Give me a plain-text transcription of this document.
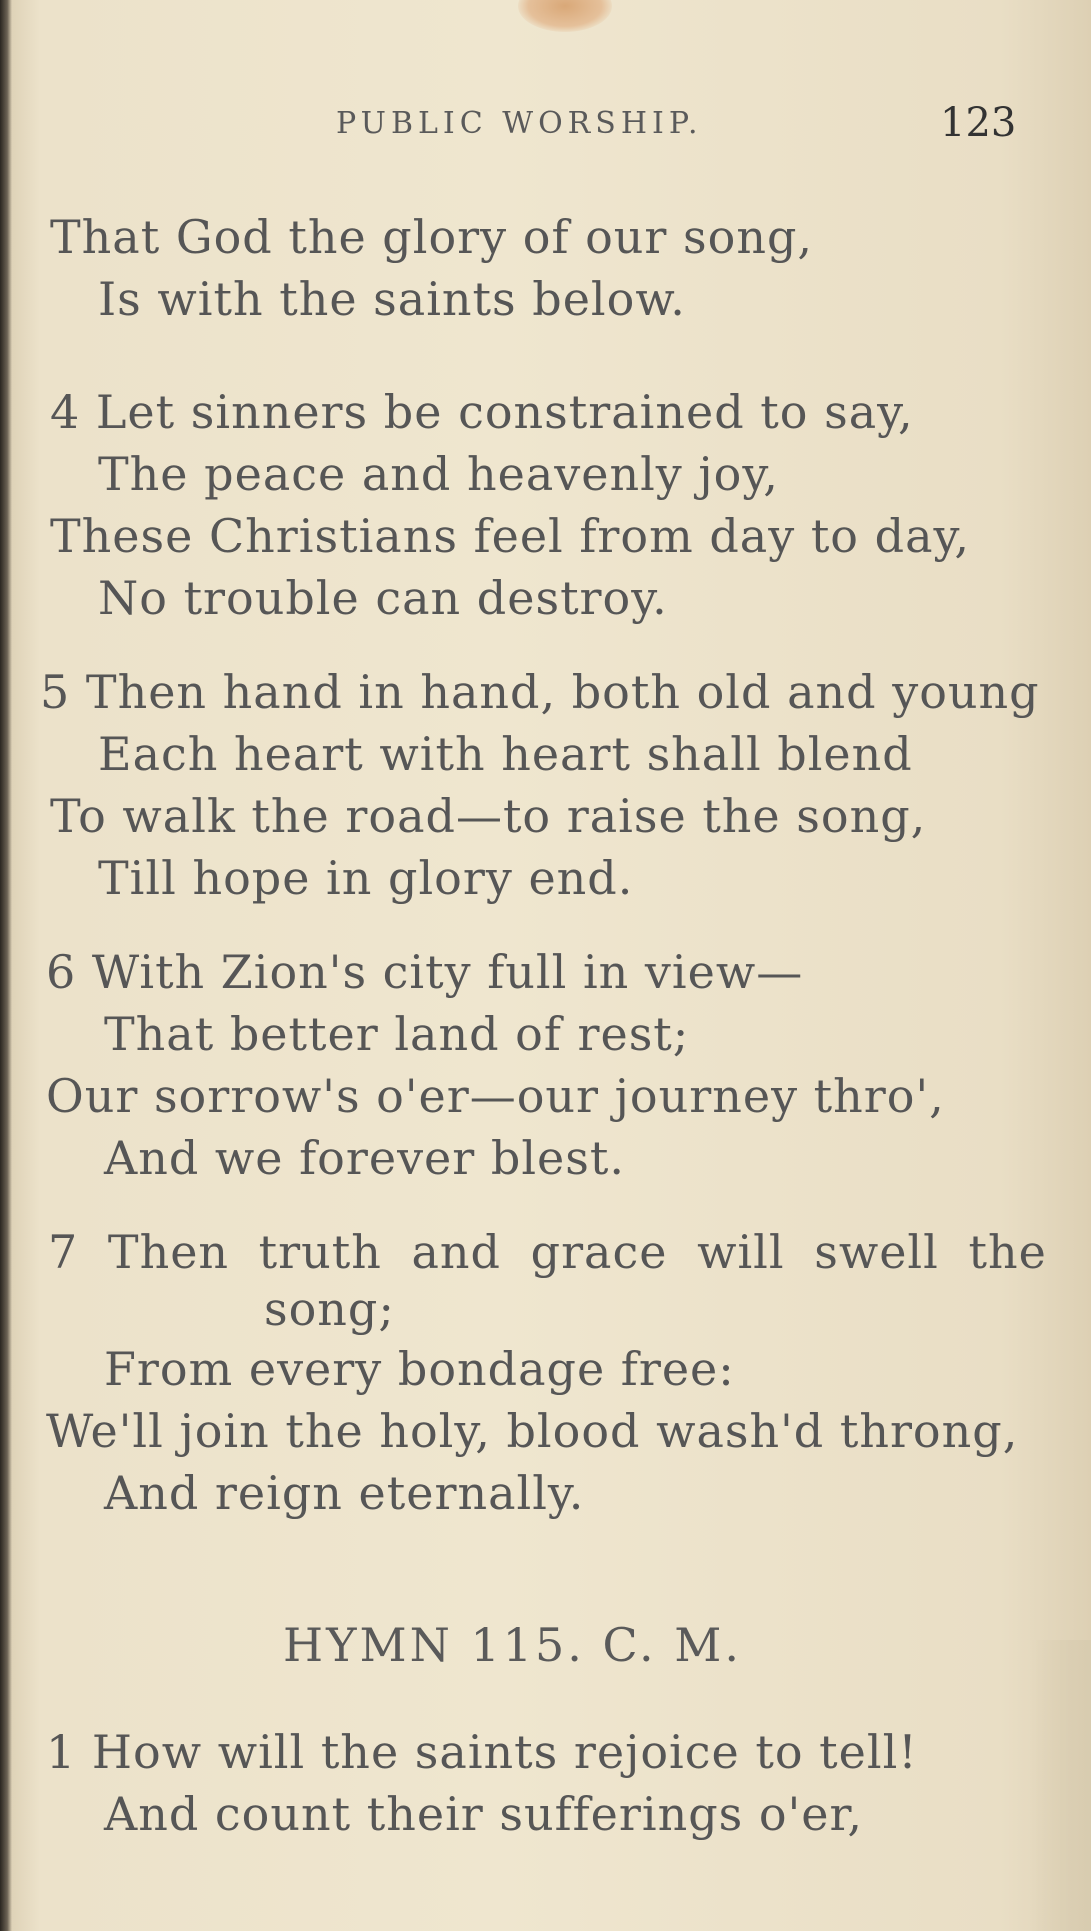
PUBLIC WORSHIP.	123
That God the glory of our song,
Is with the saints below.
4 Let sinners be constrained to say,
The peace and heavenly joy,
These Christians feel from day to day,
No trouble can destroy.
5 Then hand in hand, both old and young
Each heart with heart shall blend
To walk the road—to raise the song,
Till hope in glory end.
6 With Zion's city full in view—
That better land of rest;
Our sorrow's o'er—our journey thro',
And we forever blest.
7 Then truth and grace will swell the
song;
From every bondage free:
We'll join the holy, blood wash'd throng,
And reign eternally.
HYMN 115. C. M.
1 How will the saints rejoice to tell!
And count their sufferings o'er,
